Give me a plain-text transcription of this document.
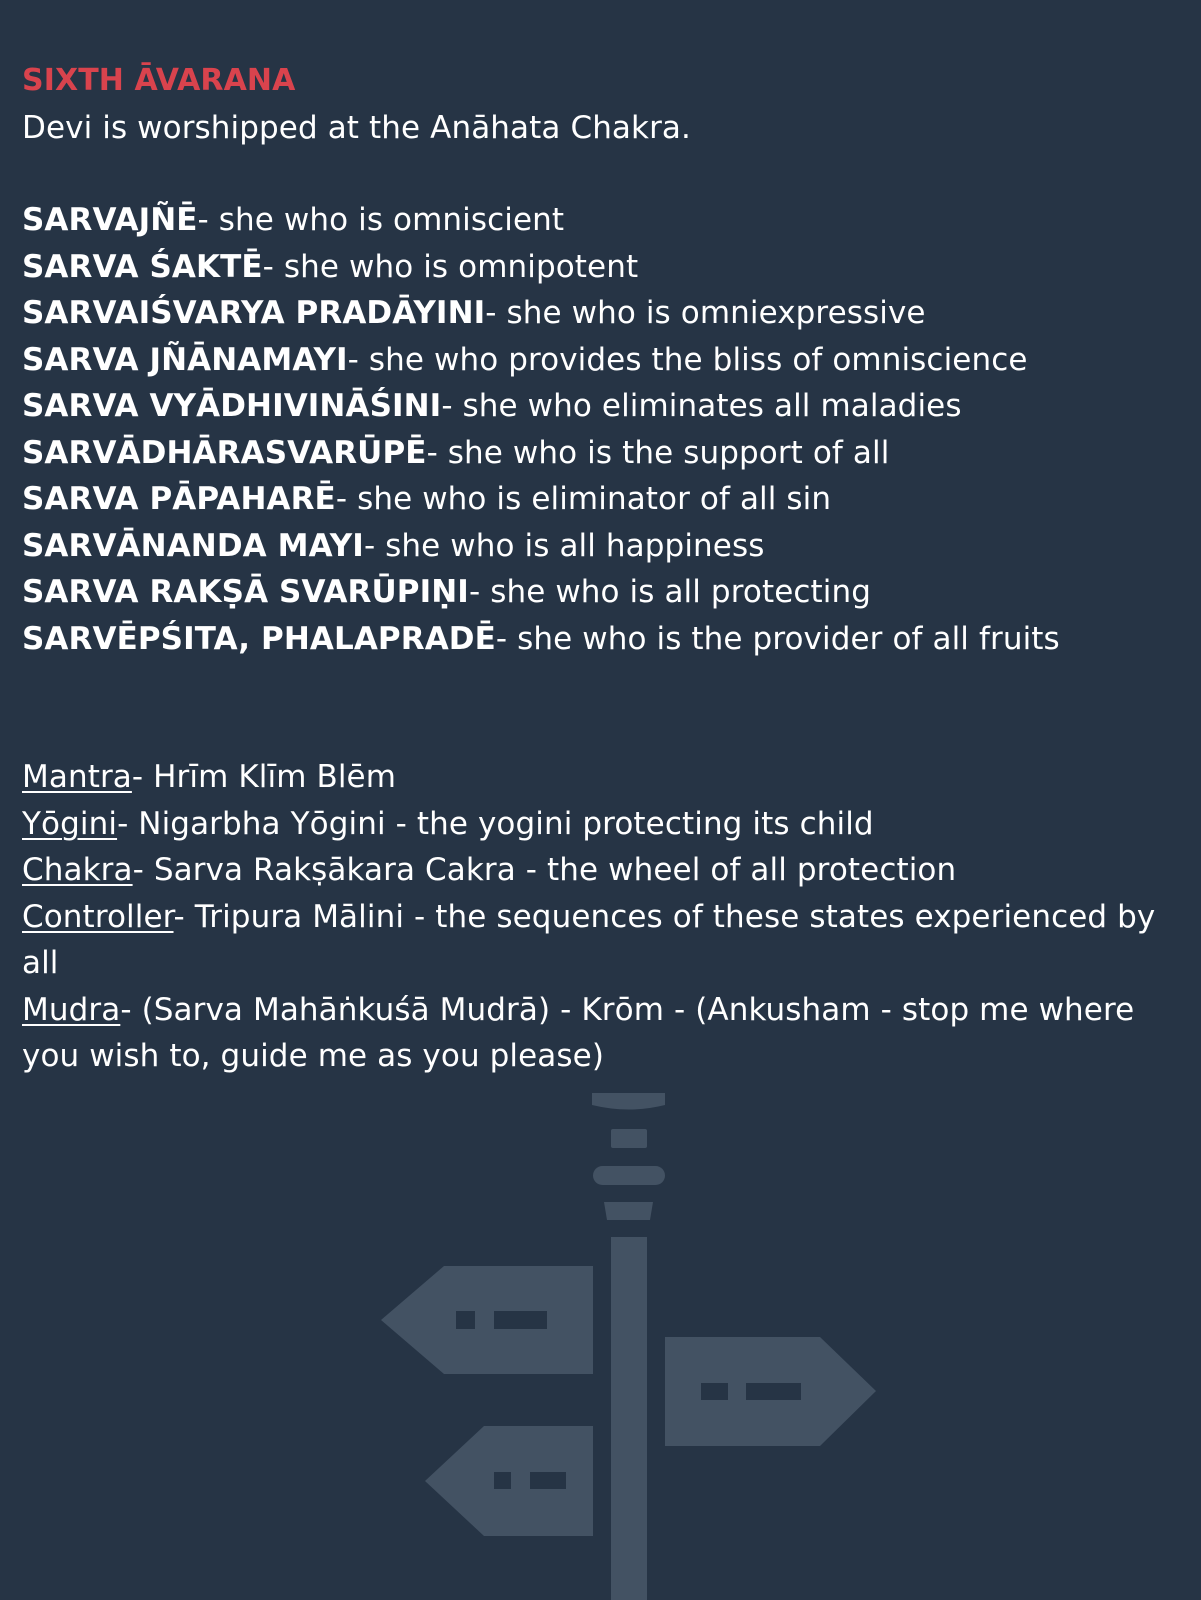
SIXTH ĀVARANA
Devi is worshipped at the Anāhata Chakra.
SARVAJÑĒ- she who is omniscient
SARVA ŚAKTĒ- she who is omnipotent
SARVAIŚVARYA PRADĀYINI- she who is omniexpressive
SARVA JÑĀNAMAYI- she who provides the bliss of omniscience
SARVA VYĀDHIVINĀŚINI- she who eliminates all maladies
SARVĀDHĀRASVARŪPĒ- she who is the support of all
SARVA PĀPAHARĒ- she who is eliminator of all sin
SARVĀNANDA MAYI- she who is all happiness
SARVA RAKṢĀ SVARŪPIṆI- she who is all protecting
SARVĒPŚITA, PHALAPRADĒ- she who is the provider of all fruits
Mantra- Hrīm Klīm Blēm
Yōgini- Nigarbha Yōgini - the yogini protecting its child
Chakra- Sarva Rakṣākara Cakra - the wheel of all protection
Controller- Tripura Mālini - the sequences of these states experienced by all
Mudra- (Sarva Mahāṅkuśā Mudrā) - Krōm - (Ankusham - stop me where you wish to, guide me as you please)
